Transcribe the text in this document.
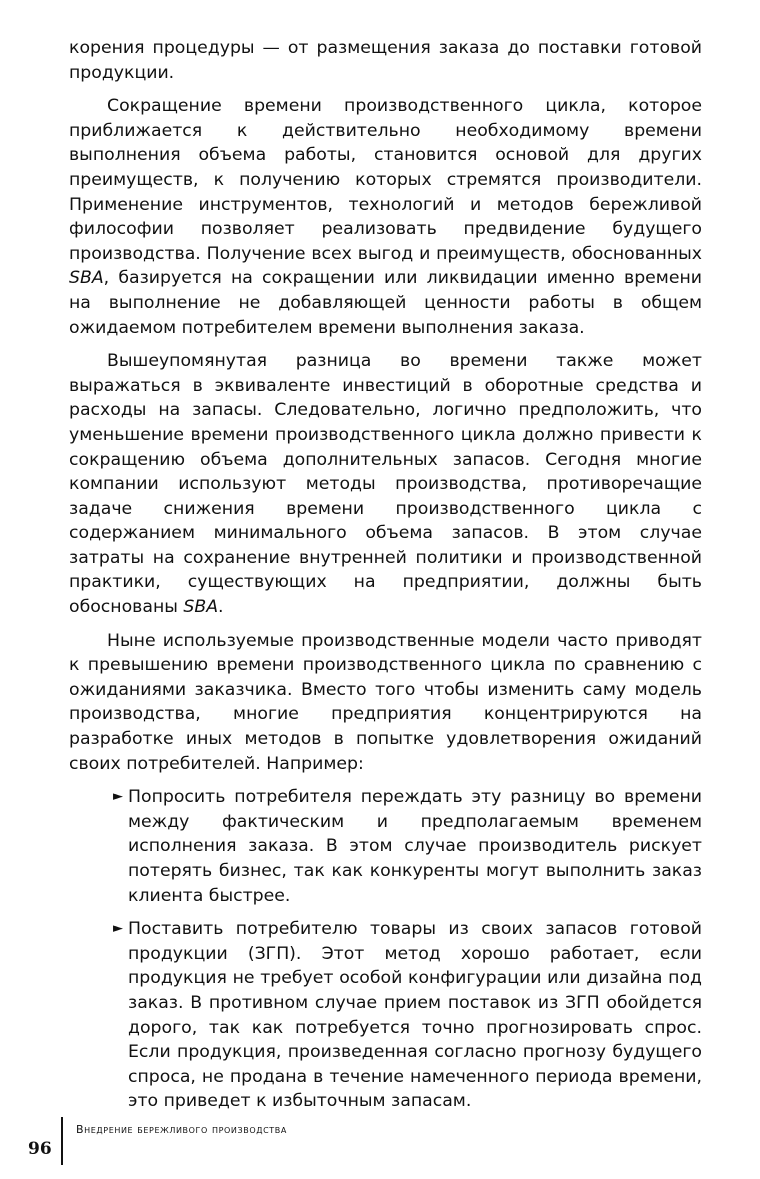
корения процедуры — от размещения заказа до поставки готовой продукции.

Сокращение времени производственного цикла, которое приближается к действительно необходимому времени выполнения объема работы, становится основой для других преимуществ, к получению которых стремятся производители. Применение инструментов, технологий и методов бережливой философии позволяет реализовать предвидение будущего производства. Получение всех выгод и преимуществ, обоснованных SBA, базируется на сокращении или ликвидации именно времени на выполнение не добавляющей ценности работы в общем ожидаемом потребителем времени выполнения заказа.

Вышеупомянутая разница во времени также может выражаться в эквиваленте инвестиций в оборотные средства и расходы на запасы. Следовательно, логично предположить, что уменьшение времени производственного цикла должно привести к сокращению объема дополнительных запасов. Сегодня многие компании используют методы производства, противоречащие задаче снижения времени производственного цикла с содержанием минимального объема запасов. В этом случае затраты на сохранение внутренней политики и производственной практики, существующих на предприятии, должны быть обоснованы SBA.

Ныне используемые производственные модели часто приводят к превышению времени производственного цикла по сравнению с ожиданиями заказчика. Вместо того чтобы изменить саму модель производства, многие предприятия концентрируются на разработке иных методов в попытке удовлетворения ожиданий своих потребителей. Например:

► Попросить потребителя переждать эту разницу во времени между фактическим и предполагаемым временем исполнения заказа. В этом случае производитель рискует потерять бизнес, так как конкуренты могут выполнить заказ клиента быстрее.
► Поставить потребителю товары из своих запасов готовой продукции (ЗГП). Этот метод хорошо работает, если продукция не требует особой конфигурации или дизайна под заказ. В противном случае прием поставок из ЗГП обойдется дорого, так как потребуется точно прогнозировать спрос. Если продукция, произведенная согласно прогнозу будущего спроса, не продана в течение намеченного периода времени, это приведет к избыточным запасам.
96
Внедрение бережливого производства
